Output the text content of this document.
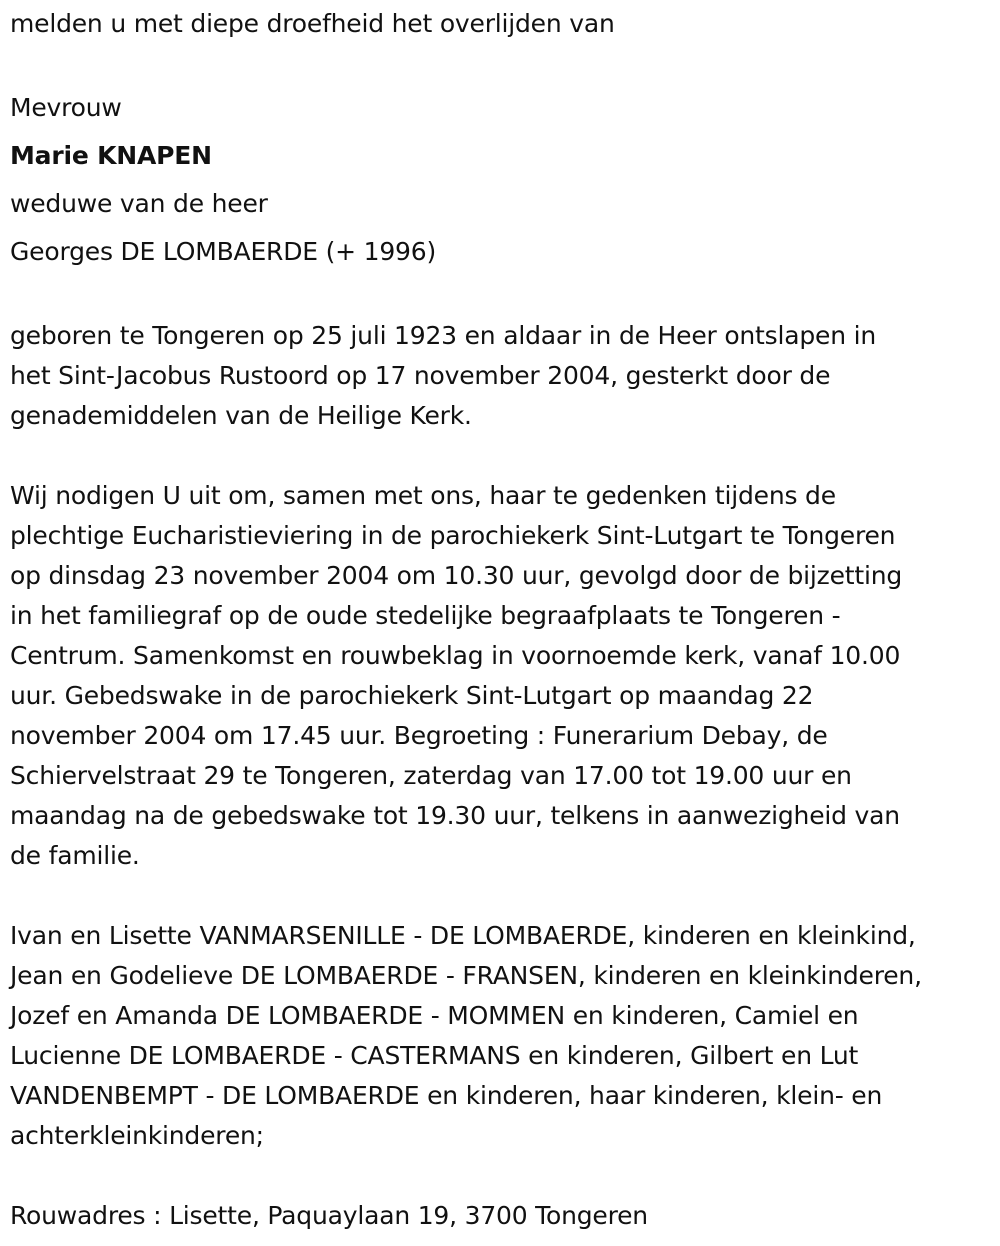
melden u met diepe droefheid het overlijden van
Mevrouw
Marie KNAPEN
weduwe van de heer
Georges DE LOMBAERDE (+ 1996)
geboren te Tongeren op 25 juli 1923 en aldaar in de Heer ontslapen in
het Sint-Jacobus Rustoord op 17 november 2004, gesterkt door de
genademiddelen van de Heilige Kerk.
Wij nodigen U uit om, samen met ons, haar te gedenken tijdens de
plechtige Eucharistieviering in de parochiekerk Sint-Lutgart te Tongeren
op dinsdag 23 november 2004 om 10.30 uur, gevolgd door de bijzetting
in het familiegraf op de oude stedelijke begraafplaats te Tongeren -
Centrum. Samenkomst en rouwbeklag in voornoemde kerk, vanaf 10.00
uur. Gebedswake in de parochiekerk Sint-Lutgart op maandag 22
november 2004 om 17.45 uur. Begroeting : Funerarium Debay, de
Schiervelstraat 29 te Tongeren, zaterdag van 17.00 tot 19.00 uur en
maandag na de gebedswake tot 19.30 uur, telkens in aanwezigheid van
de familie.
Ivan en Lisette VANMARSENILLE - DE LOMBAERDE, kinderen en kleinkind,
Jean en Godelieve DE LOMBAERDE - FRANSEN, kinderen en kleinkinderen,
Jozef en Amanda DE LOMBAERDE - MOMMEN en kinderen, Camiel en
Lucienne DE LOMBAERDE - CASTERMANS en kinderen, Gilbert en Lut
VANDENBEMPT - DE LOMBAERDE en kinderen, haar kinderen, klein- en
achterkleinkinderen;
Rouwadres : Lisette, Paquaylaan 19, 3700 Tongeren
